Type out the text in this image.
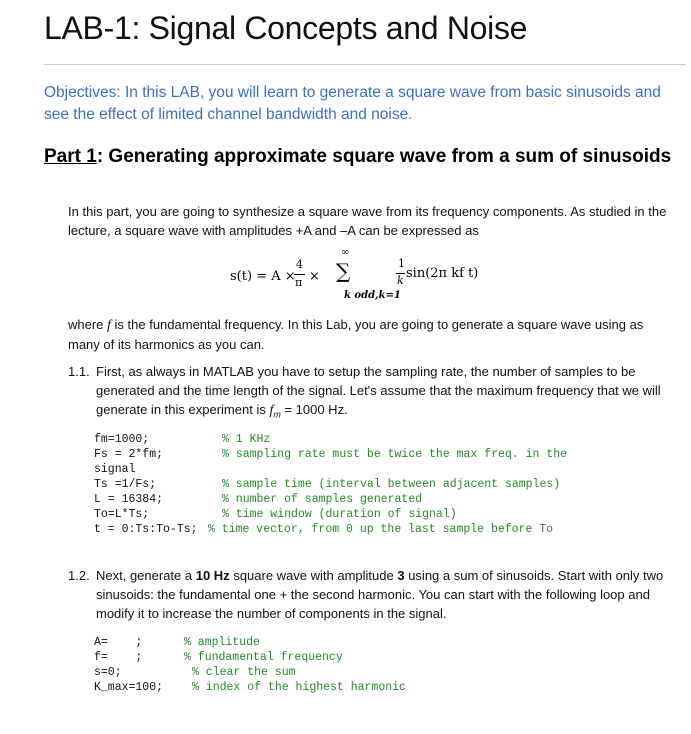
LAB-1: Signal Concepts and Noise
Objectives: In this LAB, you will learn to generate a square wave from basic sinusoids and see the effect of limited channel bandwidth and noise.
Part 1: Generating approximate square wave from a sum of sinusoids
In this part, you are going to synthesize a square wave from its frequency components. As studied in the lecture, a square wave with amplitudes +A and –A can be expressed as
s(t) = A ×
4
π ×
∞
∑
k odd,k=1
1
k sin(2π kf t)
where f is the fundamental frequency. In this Lab, you are going to generate a square wave using as many of its harmonics as you can.
1.1. First, as always in MATLAB you have to setup the sampling rate, the number of samples to be generated and the time length of the signal. Let's assume that the maximum frequency that we will generate in this experiment is $f_m = 1000$ Hz.
fm=1000;	% 1 KHz
Fs = 2*fm;	% sampling rate must be twice the max freq. in the
signal
Ts =1/Fs;	% sample time (interval between adjacent samples)
L = 16384;	% number of samples generated
To=L*Ts;	% time window (duration of signal)
t = 0:Ts:To-Ts; % time vector, from 0 up the last sample before To
1.2. Next, generate a 10 Hz square wave with amplitude 3 using a sum of sinusoids. Start with only two sinusoids: the fundamental one + the second harmonic. You can start with the following loop and modify it to increase the number of components in the signal.
A=    ;	% amplitude
f=    ;	% fundamental frequency
s=0;	% clear the sum
K_max=100;	% index of the highest harmonic
